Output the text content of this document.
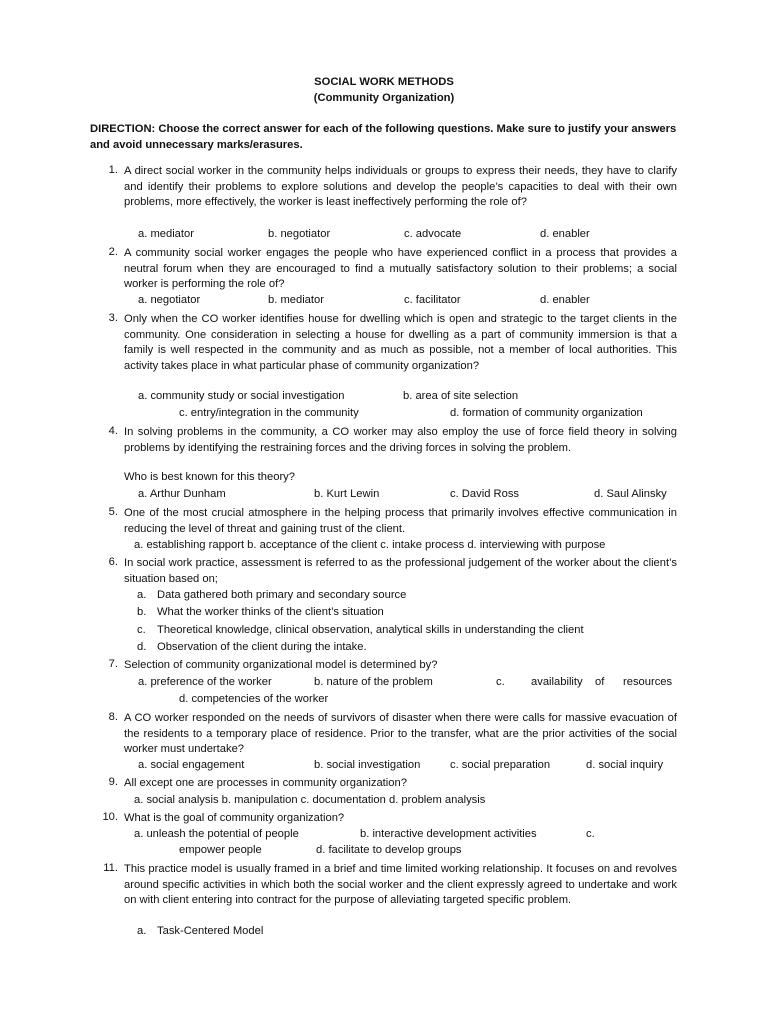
SOCIAL WORK METHODS
(Community Organization)
DIRECTION: Choose the correct answer for each of the following questions. Make sure to justify your answers and avoid unnecessary marks/erasures.
1. A direct social worker in the community helps individuals or groups to express their needs, they have to clarify and identify their problems to explore solutions and develop the people’s capacities to deal with their own problems, more effectively, the worker is least ineffectively performing the role of?
a. mediator	b. negotiator	c. advocate	d. enabler
2. A community social worker engages the people who have experienced conflict in a process that provides a neutral forum when they are encouraged to find a mutually satisfactory solution to their problems; a social worker is performing the role of?
a. negotiator	b. mediator	c. facilitator	d. enabler
3. Only when the CO worker identifies house for dwelling which is open and strategic to the target clients in the community. One consideration in selecting a house for dwelling as a part of community immersion is that a family is well respected in the community and as much as possible, not a member of local authorities. This activity takes place in what particular phase of community organization?
a. community study or social investigation	b. area of site selection
c. entry/integration in the community	d. formation of community organization
4. In solving problems in the community, a CO worker may also employ the use of force field theory in solving problems by identifying the restraining forces and the driving forces in solving the problem.
Who is best known for this theory?
a. Arthur Dunham	b. Kurt Lewin	c. David Ross	d. Saul Alinsky
5. One of the most crucial atmosphere in the helping process that primarily involves effective communication in reducing the level of threat and gaining trust of the client.
a. establishing rapport b. acceptance of the client c. intake process d. interviewing with purpose
6. In social work practice, assessment is referred to as the professional judgement of the worker about the client’s situation based on;
a. Data gathered both primary and secondary source
b. What the worker thinks of the client’s situation
c. Theoretical knowledge, clinical observation, analytical skills in understanding the client
d. Observation of the client during the intake.
7. Selection of community organizational model is determined by?
a. preference of the worker	b. nature of the problem	c. availability of resources
d. competencies of the worker
8. A CO worker responded on the needs of survivors of disaster when there were calls for massive evacuation of the residents to a temporary place of residence. Prior to the transfer, what are the prior activities of the social worker must undertake?
a. social engagement	b. social investigation	c. social preparation	d. social inquiry
9. All except one are processes in community organization?
a. social analysis b. manipulation c. documentation d. problem analysis
10. What is the goal of community organization?
a. unleash the potential of people	b. interactive development activities	c.
empower people	d. facilitate to develop groups
11. This practice model is usually framed in a brief and time limited working relationship. It focuses on and revolves around specific activities in which both the social worker and the client expressly agreed to undertake and work on with client entering into contract for the purpose of alleviating targeted specific problem.
a. Task-Centered Model
